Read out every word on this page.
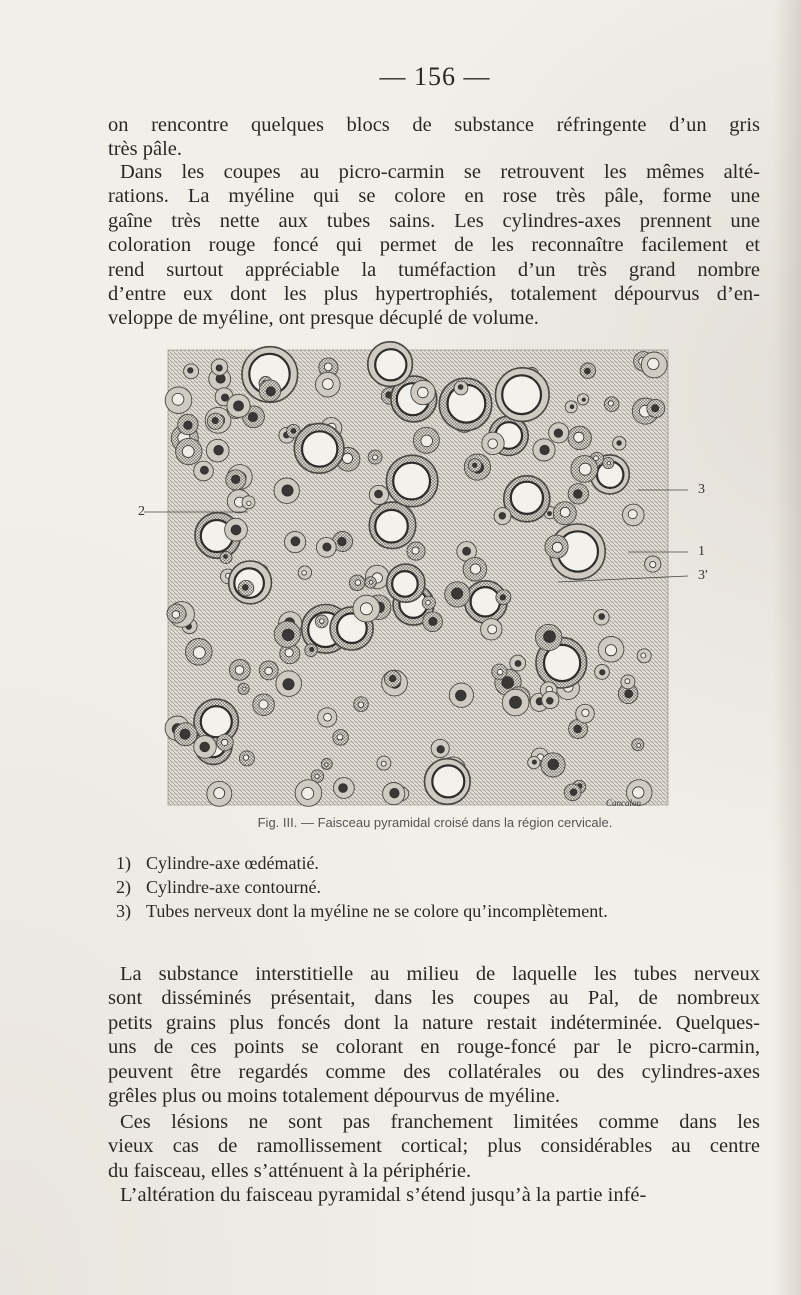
— 156 —

on rencontre quelques blocs de substance réfringente d’un gris
très pâle.

Dans les coupes au picro-carmin se retrouvent les mêmes alté-
rations. La myéline qui se colore en rose très pâle, forme une
gaîne très nette aux tubes sains. Les cylindres-axes prennent une
coloration rouge foncé qui permet de les reconnaître facilement et
rend surtout appréciable la tuméfaction d’un très grand nombre
d’entre eux dont les plus hypertrophiés, totalement dépourvus d’en-
veloppe de myéline, ont presque décuplé de volume.

2
3
1
3′
Cancalon
Fig. III. — Faisceau pyramidal croisé dans la région cervicale.
1) Cylindre-axe œdématié.
2) Cylindre-axe contourné.
3) Tubes nerveux dont la myéline ne se colore qu’incomplètement.

La substance interstitielle au milieu de laquelle les tubes nerveux
sont disséminés présentait, dans les coupes au Pal, de nombreux
petits grains plus foncés dont la nature restait indéterminée. Quelques-
uns de ces points se colorant en rouge-foncé par le picro-carmin,
peuvent être regardés comme des collatérales ou des cylindres-axes
grêles plus ou moins totalement dépourvus de myéline.

Ces lésions ne sont pas franchement limitées comme dans les
vieux cas de ramollissement cortical; plus considérables au centre
du faisceau, elles s’atténuent à la périphérie.

L’altération du faisceau pyramidal s’étend jusqu’à la partie infé-
